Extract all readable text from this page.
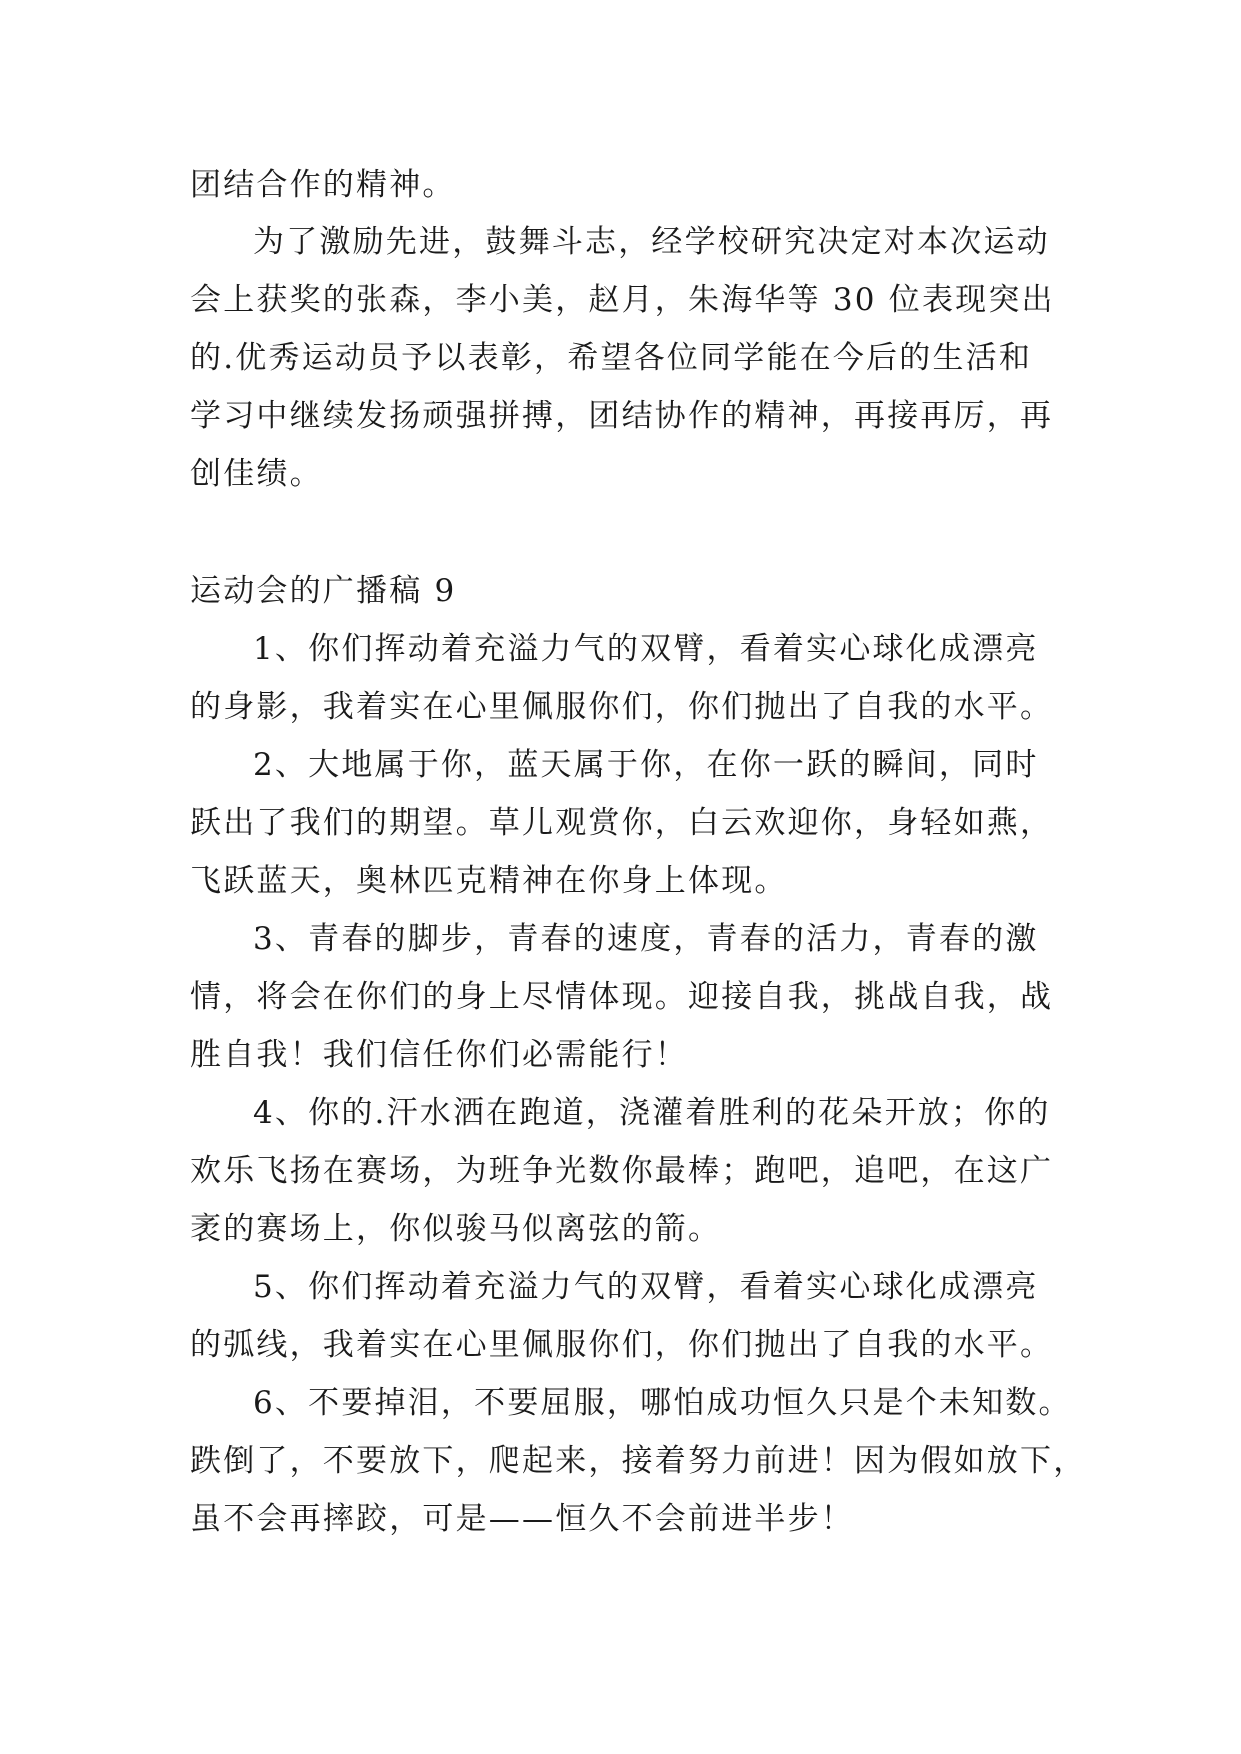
团结合作的精神。
为了激励先进，鼓舞斗志，经学校研究决定对本次运动
会上获奖的张森，李小美，赵月，朱海华等 30 位表现突出
的.优秀运动员予以表彰，希望各位同学能在今后的生活和
学习中继续发扬顽强拼搏，团结协作的精神，再接再厉，再
创佳绩。
运动会的广播稿 9
1、你们挥动着充溢力气的双臂，看着实心球化成漂亮
的身影，我着实在心里佩服你们，你们抛出了自我的水平。
2、大地属于你，蓝天属于你，在你一跃的瞬间，同时
跃出了我们的期望。草儿观赏你，白云欢迎你，身轻如燕，
飞跃蓝天，奥林匹克精神在你身上体现。
3、青春的脚步，青春的速度，青春的活力，青春的激
情，将会在你们的身上尽情体现。迎接自我，挑战自我，战
胜自我！我们信任你们必需能行！
4、你的.汗水洒在跑道，浇灌着胜利的花朵开放；你的
欢乐飞扬在赛场，为班争光数你最棒；跑吧，追吧，在这广
袤的赛场上，你似骏马似离弦的箭。
5、你们挥动着充溢力气的双臂，看着实心球化成漂亮
的弧线，我着实在心里佩服你们，你们抛出了自我的水平。
6、不要掉泪，不要屈服，哪怕成功恒久只是个未知数。
跌倒了，不要放下，爬起来，接着努力前进！因为假如放下，
虽不会再摔跤，可是——恒久不会前进半步！
